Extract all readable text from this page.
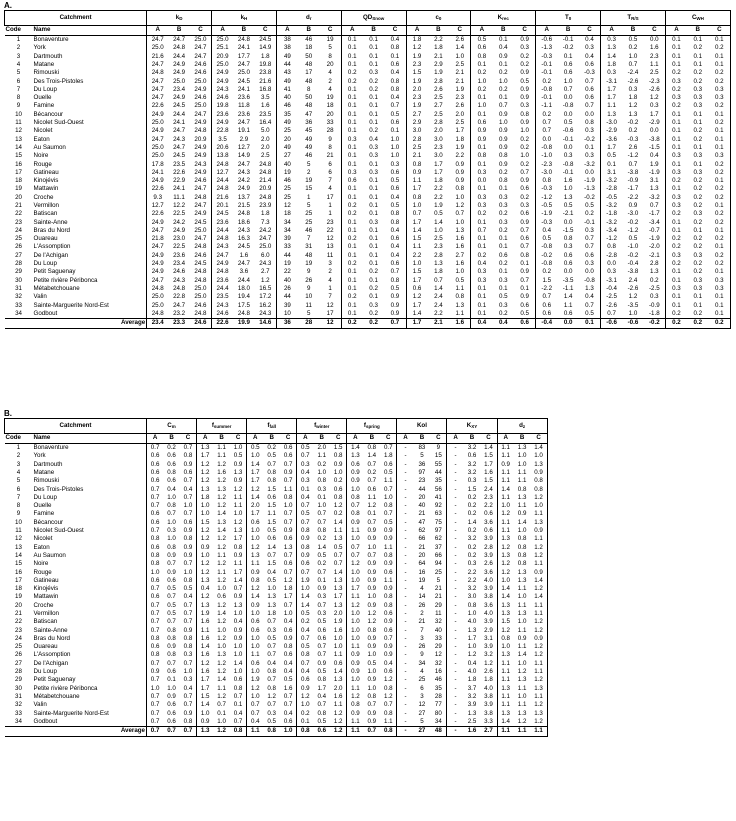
A.
Catchment		$k_D$			$k_H$			$d_r$			$QD_{Snow}$			$c_0$			$K_{rec}$			$T_0$			$T_{R/S}$			$C_{WH}$
Code	Name	A	B	C	A	B	C	A	B	C	A	B	C	A	B	C	A	B	C	A	B	C	A	B	C	A	B	C
1	Bonaventure	24.7	24.7	25.0	25.0	24.8	24.5	38	46	19	0.1	0.1	0.4	1.8	2.2	2.6	0.5	0.1	0.9	-0.6	-0.1	0.4	0.3	0.5	0.0	0.1	0.1	0.1
2	York	25.0	24.8	24.7	25.1	24.1	14.9	38	18	5	0.1	0.1	0.8	1.2	1.8	1.4	0.6	0.4	0.3	-1.3	-0.2	0.3	1.3	0.2	1.6	0.1	0.2	0.2
3	Dartmouth	21.6	24.4	24.7	20.9	17.7	1.8	49	50	8	0.1	0.1	0.1	1.9	2.1	1.0	0.8	0.9	0.2	-0.3	0.1	0.4	1.4	1.0	2.3	0.1	0.1	0.1
4	Matane	24.7	24.9	24.6	25.0	24.7	19.8	44	48	20	0.1	0.1	0.6	2.3	2.9	2.5	0.1	0.1	0.2	-0.1	0.6	0.6	1.8	0.7	1.1	0.1	0.1	0.1
5	Rimouski	24.8	24.9	24.6	24.9	25.0	23.8	43	17	4	0.2	0.3	0.4	1.5	1.9	2.1	0.2	0.2	0.9	-0.1	0.6	-0.3	0.3	-2.4	2.5	0.2	0.2	0.2
6	Des Trois-Pistoles	24.7	25.0	25.0	24.9	24.5	21.6	49	48	2	0.2	0.2	0.8	1.9	2.8	2.1	1.0	1.0	0.5	0.2	1.0	0.7	-3.1	-2.6	-2.3	0.3	0.2	0.2
7	Du Loup	24.7	23.4	24.9	24.3	24.1	16.8	41	8	4	0.1	0.2	0.8	2.0	2.6	1.9	0.2	0.2	0.9	-0.8	0.7	0.6	1.7	0.3	-2.6	0.2	0.3	0.3
8	Ouelle	24.7	24.9	24.6	24.6	23.6	3.5	40	50	19	0.1	0.1	0.4	2.3	2.5	2.3	0.1	0.1	0.9	-0.1	0.0	0.6	1.7	1.8	1.2	0.3	0.3	0.3
9	Famine	22.6	24.5	25.0	19.8	11.8	1.6	46	48	18	0.1	0.1	0.7	1.9	2.7	2.6	1.0	0.7	0.3	-1.1	-0.8	0.7	1.1	1.2	0.3	0.2	0.3	0.2
10	Bécancour	24.9	24.4	24.7	23.6	23.6	23.5	35	47	20	0.1	0.1	0.5	2.7	2.5	2.0	0.1	0.9	0.8	0.2	0.0	0.0	1.3	1.3	1.7	0.1	0.1	0.1
11	Nicolet Sud-Ouest	25.0	24.1	24.9	24.9	24.7	16.4	49	36	33	0.1	0.1	0.6	2.9	2.8	2.5	0.6	1.0	0.9	0.7	0.5	0.8	-3.0	-0.2	-2.9	0.1	0.1	0.2
12	Nicolet	24.9	24.7	24.8	22.8	19.1	5.0	25	45	28	0.1	0.2	0.1	3.0	2.0	1.7	0.9	0.9	1.0	0.7	-0.6	0.3	-2.9	0.2	0.0	0.1	0.2	0.1
13	Eaton	24.7	24.3	20.9	3.5	2.9	2.0	20	49	9	0.3	0.4	1.0	2.8	3.0	1.8	0.9	0.9	0.2	0.0	-0.1	-0.2	-3.6	-0.3	-3.8	0.1	0.2	0.1
14	Au Saumon	25.0	24.7	24.9	20.6	12.7	2.0	49	49	8	0.1	0.3	1.0	2.5	2.3	1.9	0.1	0.9	0.2	-0.8	0.0	0.1	1.7	2.6	-1.5	0.1	0.1	0.1
15	Noire	25.0	24.5	24.9	13.8	14.9	2.5	27	46	21	0.1	0.3	1.0	2.1	3.0	2.2	0.8	0.8	1.0	-1.0	0.3	0.3	0.5	-1.2	0.4	0.3	0.3	0.3
16	Rouge	17.8	23.5	24.3	24.8	24.7	24.8	40	5	6	0.1	0.1	0.3	0.8	1.7	0.9	0.1	0.9	0.2	-2.3	-0.8	-3.2	0.1	0.7	1.9	0.1	0.1	0.2
17	Gatineau	24.1	22.6	24.9	12.7	24.3	24.8	19	2	6	0.3	0.3	0.6	0.9	1.7	0.9	0.3	0.2	0.7	-3.0	-0.1	0.0	3.1	-3.8	-1.9	0.3	0.3	0.2
18	Kinojévis	24.9	22.9	24.6	24.4	24.2	21.4	46	19	7	0.6	0.1	0.5	1.1	1.8	0.9	0.0	0.8	0.9	0.8	1.6	-1.9	-3.2	-0.9	3.1	0.2	0.2	0.1
19	Mattawin	22.6	24.1	24.7	24.8	24.9	20.9	25	15	4	0.1	0.1	0.6	1.7	2.2	0.8	0.1	0.1	0.6	-0.3	1.0	-1.3	-2.8	-1.7	1.3	0.1	0.2	0.2
20	Croche	9.3	11.1	24.8	21.6	13.7	24.8	25	1	17	0.1	0.1	0.4	0.8	2.2	1.0	0.3	0.3	0.2	-1.2	1.3	-0.2	-0.5	-2.2	-3.2	0.3	0.2	0.2
21	Vermillon	12.7	12.2	24.7	20.1	21.5	23.9	12	5	1	0.2	0.1	0.5	1.0	1.9	1.2	0.3	0.3	0.3	-0.5	0.5	0.5	-3.2	0.9	0.7	0.3	0.2	0.1
22	Batiscan	22.6	22.5	24.9	24.5	24.8	1.8	18	25	1	0.2	0.1	0.8	0.7	0.5	0.7	0.2	0.2	0.6	-1.9	-2.1	0.2	-1.8	-3.0	-1.7	0.2	0.3	0.2
23	Sainte-Anne	24.9	24.2	24.5	23.6	18.6	7.3	34	25	23	0.1	0.3	0.8	1.7	1.4	1.0	0.1	0.3	0.9	-0.3	0.0	-0.1	-3.2	-0.2	-3.4	0.1	0.2	0.2
24	Bras du Nord	24.7	24.9	25.0	24.4	24.3	24.2	34	46	22	0.1	0.1	0.4	1.4	1.0	1.3	0.7	0.2	0.7	0.4	-1.5	0.3	-3.4	-1.2	-0.7	0.1	0.1	0.1
25	Ouareau	21.8	23.0	24.7	24.8	16.3	24.7	39	7	12	0.2	0.1	0.6	1.5	2.5	1.6	0.1	0.1	0.6	0.5	0.8	0.7	-1.2	0.5	-1.9	0.2	0.2	0.2
26	L'Assomption	24.7	22.5	24.8	24.3	24.5	25.0	33	31	13	0.1	0.1	0.4	1.1	2.3	1.6	0.1	0.1	0.7	-0.8	0.3	0.7	0.8	-1.0	-2.0	0.2	0.2	0.1
27	De l'Achigan	24.9	23.6	24.6	24.7	1.6	6.0	44	48	11	0.1	0.1	0.4	2.2	2.8	2.7	0.2	0.6	0.8	-0.2	0.6	0.6	-2.8	-0.2	-2.1	0.3	0.3	0.2
28	Du Loup	24.9	23.4	24.5	24.9	24.7	24.3	19	19	3	0.2	0.1	0.6	1.0	1.3	1.6	0.4	0.2	0.1	-0.8	0.6	0.3	0.0	-0.4	2.8	0.2	0.2	0.2
29	Petit Saguenay	24.9	24.6	24.8	24.8	3.6	2.7	22	9	2	0.1	0.2	0.7	1.5	1.8	1.0	0.3	0.1	0.9	0.2	0.0	0.0	0.3	-3.8	1.3	0.1	0.2	0.1
30	Petite rivière Péribonca	24.7	24.3	24.8	23.6	24.4	1.2	40	26	4	0.1	0.1	0.8	1.7	0.7	0.5	0.3	0.3	0.7	1.5	-3.5	-0.8	-3.1	2.4	0.2	0.1	0.3	0.3
31	Métabetchouane	24.8	24.8	25.0	24.4	18.0	16.5	26	9	1	0.1	0.2	0.5	0.6	1.4	1.1	0.1	0.1	0.1	-2.2	-1.1	1.3	-0.4	-2.6	-2.5	0.3	0.3	0.3
32	Valin	25.0	22.8	25.0	23.5	19.4	17.2	44	10	7	0.2	0.1	0.9	1.2	2.4	0.8	0.1	0.5	0.9	0.7	1.4	0.4	-2.5	1.2	0.3	0.1	0.1	0.1
33	Sainte-Marguerite Nord-Est	25.0	24.7	24.6	24.3	17.5	16.2	39	11	12	0.1	0.3	0.9	1.7	2.4	1.3	0.1	0.3	0.6	0.6	1.1	0.7	-2.6	-3.5	-0.9	0.1	0.1	0.1
34	Godbout	24.8	23.2	24.8	24.6	24.8	24.3	10	5	17	0.1	0.2	0.9	1.4	2.2	1.1	0.1	0.2	0.5	0.6	0.6	0.5	0.7	1.0	-1.8	0.2	0.2	0.1
Average		23.4	23.3	24.6	22.6	19.9	14.6	36	28	12	0.2	0.2	0.7	1.7	2.1	1.6	0.4	0.4	0.6	-0.4	0.0	0.1	-0.6	-0.6	-0.2	0.2	0.2	0.2
B.
Catchment		$C_m$			$f_{summer}$			$f_{fall}$			$f_{winter}$			$f_{spring}$			Kol			$K_{XY}$			$d_z$
Code	Name	A	B	C	A	B	C	A	B	C	A	B	C	A	B	C	A	B	C	A	B	C	A	B	C
1	Bonaventure	0.7	0.2	0.7	1.3	1.1	1.0	0.5	0.2	0.6	0.5	2.0	1.5	1.4	0.8	0.7	-	83	9	-	3.2	1.4	1.1	1.3	1.4
2	York	0.6	0.6	0.8	1.7	1.1	0.5	1.0	0.5	0.6	0.7	1.1	0.8	1.3	1.4	1.8	-	5	15	-	0.6	1.5	1.1	1.0	1.0
3	Dartmouth	0.6	0.6	0.9	1.2	1.2	0.9	1.4	0.7	0.7	0.3	0.2	0.9	0.6	0.7	0.6	-	36	55	-	3.2	1.7	0.9	1.0	1.3
4	Matane	0.6	0.8	0.6	1.2	1.6	1.3	1.7	0.8	0.9	0.4	1.0	1.0	0.9	0.2	0.5	-	97	44	-	3.2	1.6	1.1	1.1	0.9
5	Rimouski	0.6	0.6	0.7	1.2	1.2	0.9	1.7	0.8	0.7	0.3	0.8	0.2	0.9	0.7	1.1	-	23	35	-	0.3	1.5	1.1	1.1	0.8
6	Des Trois-Pistoles	0.7	0.4	0.4	1.3	1.3	1.2	1.2	1.5	1.1	0.1	0.3	0.6	1.0	0.6	0.7	-	44	56	-	1.5	2.4	1.4	0.8	0.8
7	Du Loup	0.7	1.0	0.7	1.8	1.2	1.1	1.4	0.6	0.8	0.4	0.1	0.8	0.8	1.1	1.0	-	20	41	-	0.2	2.3	1.1	1.3	1.2
8	Ouelle	0.7	0.8	1.0	1.0	1.2	1.1	2.0	1.5	1.0	0.7	1.0	1.2	0.7	1.2	0.8	-	40	92	-	0.2	2.2	1.0	1.1	1.0
9	Famine	0.6	0.7	0.7	1.0	1.4	1.0	1.7	1.1	0.7	0.5	0.7	0.2	0.8	0.1	0.7	-	21	63	-	0.2	0.6	1.2	0.9	1.1
10	Bécancour	0.6	1.0	0.6	1.5	1.3	1.2	0.6	1.5	0.7	0.7	0.7	1.4	0.9	0.7	0.5	-	47	75	-	1.4	3.6	1.1	1.4	1.3
11	Nicolet Sud-Ouest	0.7	0.3	0.9	1.2	1.4	1.3	1.0	0.5	0.9	0.8	0.8	1.1	1.1	0.9	0.9	-	62	97	-	0.2	0.6	1.1	1.0	0.9
12	Nicolet	0.8	1.0	0.8	1.2	1.2	1.7	1.0	0.6	0.6	0.9	0.2	1.3	1.0	0.9	0.9	-	66	62	-	3.2	3.9	1.3	0.8	1.1
13	Eaton	0.6	0.8	0.9	0.9	1.2	0.8	1.2	1.4	1.3	0.8	1.4	0.5	0.7	1.0	1.1	-	21	37	-	0.2	2.8	1.2	0.8	1.2
14	Au Saumon	0.8	0.9	0.9	1.0	1.1	0.9	1.3	0.7	0.7	0.9	0.5	0.7	0.7	0.7	0.8	-	20	66	-	0.2	3.9	1.3	0.8	1.2
15	Noire	0.8	0.7	0.7	1.2	1.2	1.1	1.1	1.5	0.6	0.6	0.2	0.7	1.2	0.9	0.9	-	64	94	-	0.3	2.6	1.2	0.8	1.1
16	Rouge	1.0	0.9	1.0	1.2	1.1	1.7	0.9	0.4	0.7	0.7	0.7	1.4	1.0	0.9	0.6	-	16	25	-	2.2	3.6	1.2	1.3	0.9
17	Gatineau	0.6	0.6	0.8	1.3	1.2	1.4	0.8	0.5	1.2	1.9	0.1	1.3	1.0	0.9	1.1	-	19	5	-	2.2	4.0	1.0	1.3	1.4
18	Kinojévis	0.7	0.5	0.5	0.4	1.0	0.7	1.2	1.0	1.8	1.0	0.9	1.3	1.7	0.9	0.9	-	4	21	-	3.2	3.9	1.4	1.1	1.2
19	Mattawin	0.6	0.7	0.4	1.2	0.6	0.9	1.4	1.3	1.7	1.4	0.3	1.7	1.1	1.0	0.8	-	14	21	-	3.0	3.8	1.4	1.0	1.4
20	Croche	0.7	0.5	0.7	1.3	1.2	1.3	0.9	1.3	0.7	1.4	0.7	1.3	1.2	0.9	0.8	-	26	29	-	0.8	3.6	1.3	1.1	1.1
21	Vermillon	0.7	0.5	0.7	1.9	1.4	1.0	1.0	1.8	1.0	0.5	0.3	2.0	1.0	1.2	0.6	-	2	11	-	1.0	4.0	1.3	1.3	1.1
22	Batiscan	0.7	0.7	0.7	1.6	1.2	0.4	0.6	0.7	0.4	0.2	0.5	1.9	1.0	1.2	0.9	-	21	32	-	4.0	3.9	1.5	1.0	1.2
23	Sainte-Anne	0.7	0.8	0.9	1.1	1.0	0.9	0.6	0.3	0.6	0.4	0.6	1.6	1.0	0.8	0.6	-	7	40	-	1.3	2.9	1.2	1.1	1.2
24	Bras du Nord	0.8	0.8	0.8	1.6	1.2	0.9	1.0	0.5	0.9	0.7	0.6	1.0	1.0	0.9	0.7	-	3	33	-	1.7	3.1	0.8	0.9	0.9
25	Ouareau	0.6	0.9	0.8	1.4	1.0	1.0	1.0	0.7	0.8	0.5	0.7	1.0	1.1	0.9	0.9	-	26	29	-	1.0	3.9	1.0	1.1	1.2
26	L'Assomption	0.8	0.8	0.3	1.6	1.3	1.0	1.1	0.7	0.6	0.8	0.7	1.1	0.9	1.0	0.9	-	9	12	-	1.2	3.2	1.3	1.4	1.2
27	De l'Achigan	0.7	0.7	0.7	1.2	1.2	1.4	0.6	0.4	0.4	0.7	0.9	0.6	0.9	0.5	0.4	-	34	32	-	0.4	1.2	1.1	1.0	1.1
28	Du Loup	0.9	0.6	1.0	1.6	1.2	1.0	1.0	0.8	0.4	0.4	0.5	1.4	0.9	1.0	0.6	-	4	16	-	4.0	2.6	1.1	1.2	1.1
29	Petit Saguenay	0.7	0.1	0.3	1.7	1.4	0.6	1.9	0.7	0.5	0.6	0.8	1.3	1.0	0.9	1.2	-	25	46	-	1.8	1.8	1.1	1.3	1.2
30	Petite rivière Péribonca	1.0	1.0	0.4	1.7	1.1	0.8	1.2	0.8	1.6	0.9	1.7	2.0	1.1	1.0	0.8	-	6	35	-	3.7	4.0	1.3	1.1	1.3
31	Métabetchouane	0.7	0.9	0.7	1.5	1.2	0.7	1.0	1.2	0.7	1.2	0.4	1.6	1.2	0.8	1.2	-	3	28	-	3.2	3.8	1.1	1.0	1.1
32	Valin	0.7	0.6	0.7	1.4	0.7	0.1	0.7	0.7	0.7	1.0	0.7	1.1	0.8	0.7	0.7	-	12	77	-	3.9	3.9	1.1	1.1	1.2
33	Sainte-Marguerite Nord-Est	0.7	0.6	0.9	1.0	0.1	0.4	0.7	0.3	0.4	0.2	0.8	1.2	0.9	0.9	0.8	-	27	80	-	1.3	3.8	1.3	1.3	1.3
34	Godbout	0.7	0.6	0.8	0.9	1.0	0.7	0.4	0.5	0.6	0.1	0.5	1.2	1.1	0.9	1.1	-	5	34	-	2.5	3.3	1.4	1.2	1.2
Average		0.7	0.7	0.7	1.3	1.2	0.8	1.1	0.8	1.0	0.8	0.6	1.2	1.1	0.7	0.8	-	27	48	-	1.6	2.7	1.1	1.1	1.1
